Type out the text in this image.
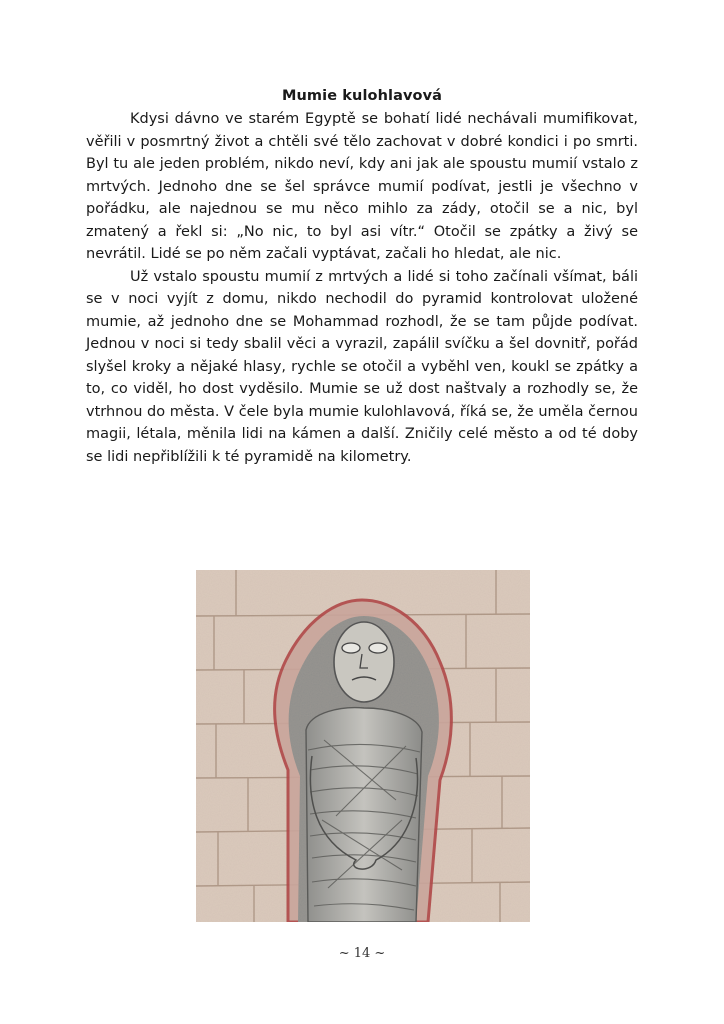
Mumie kulohlavová

Kdysi dávno ve starém Egyptě se bohatí lidé nechávali mumifikovat, věřili v posmrtný život a chtěli své tělo zachovat v dobré kondici i po smrti. Byl tu ale jeden problém, nikdo neví, kdy ani jak ale spoustu mumií vstalo z mrtvých. Jednoho dne se šel správce mumií podívat, jestli je všechno v pořádku, ale najednou se mu něco mihlo za zády, otočil se a nic, byl zmatený a řekl si: „No nic, to byl asi vítr.“ Otočil se zpátky a živý se nevrátil. Lidé se po něm začali vyptávat, začali ho hledat, ale nic.

Už vstalo spoustu mumií z mrtvých a lidé si toho začínali všímat, báli se v noci vyjít z domu, nikdo nechodil do pyramid kontrolovat uložené mumie, až jednoho dne se Mohammad rozhodl, že se tam půjde podívat. Jednou v noci si tedy sbalil věci a vyrazil, zapálil svíčku a šel dovnitř, pořád slyšel kroky a nějaké hlasy, rychle se otočil a vyběhl ven, koukl se zpátky a to, co viděl, ho dost vyděsilo. Mumie se už dost naštvaly a rozhodly se, že vtrhnou do města. V čele byla mumie kulohlavová, říká se, že uměla černou magii, létala, měnila lidi na kámen a další. Zničily celé město a od té doby se lidi nepřiblížili k té pyramidě na kilometry.

~ 14 ~
